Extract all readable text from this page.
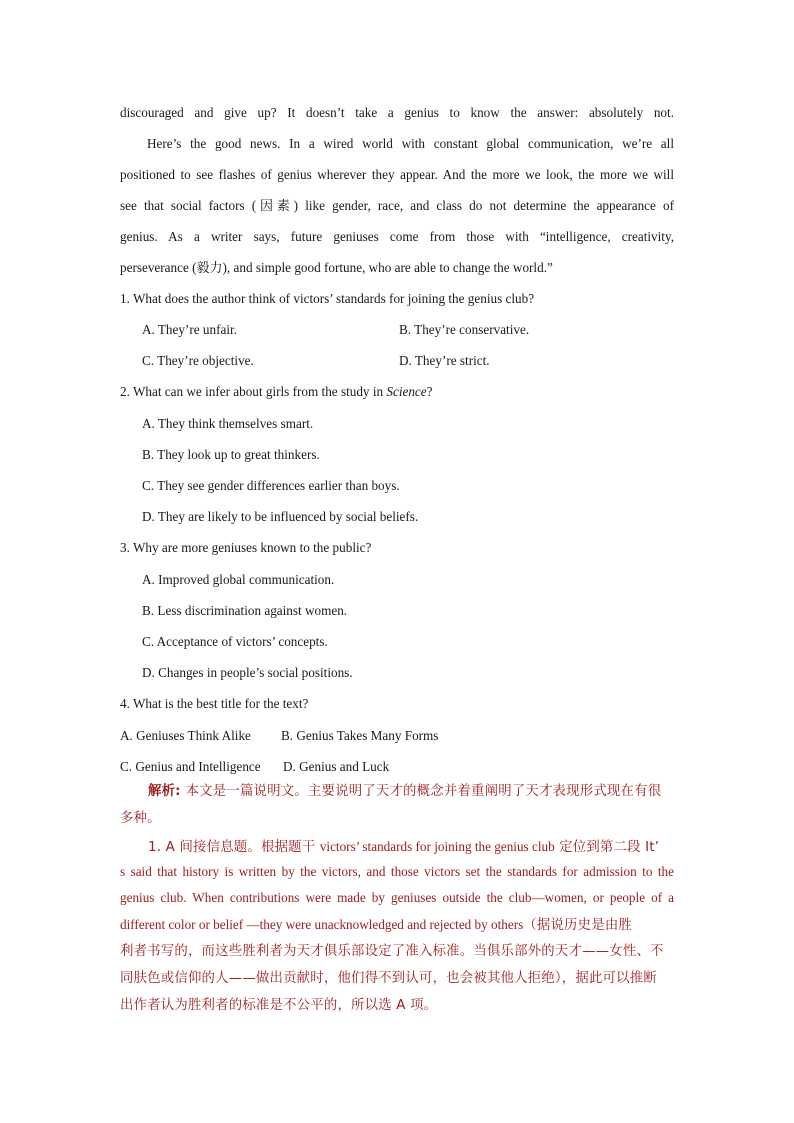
discouraged and give up? It doesn’t take a genius to know the answer: absolutely not.
Here’s the good news. In a wired world with constant global communication, we’re all
positioned to see flashes of genius wherever they appear. And the more we look, the more we will
see that social factors (因素) like gender, race, and class do not determine the appearance of
genius. As a writer says, future geniuses come from those with “intelligence, creativity,
perseverance (毅力), and simple good fortune, who are able to change the world.”
1. What does the author think of victors’ standards for joining the genius club?
A. They’re unfair.	B. They’re conservative.
C. They’re objective.	D. They’re strict.
2. What can we infer about girls from the study in Science?
A. They think themselves smart.
B. They look up to great thinkers.
C. They see gender differences earlier than boys.
D. They are likely to be influenced by social beliefs.
3. Why are more geniuses known to the public?
A. Improved global communication.
B. Less discrimination against women.
C. Acceptance of victors’ concepts.
D. Changes in people’s social positions.
4. What is the best title for the text?
A. Geniuses Think Alike B. Genius Takes Many Forms
C. Genius and Intelligence D. Genius and Luck
解析: 本文是一篇说明文。主要说明了天才的概念并着重阐明了天才表现形式现在有很
多种。
1. A 间接信息题。根据题干 victors’ standards for joining the genius club 定位到第二段 It’
s said that history is written by the victors, and those victors set the standards for admission to the
genius club. When contributions were made by geniuses outside the club—women, or people of a
different color or belief —they were unacknowledged and rejected by others（据说历史是由胜
利者书写的，而这些胜利者为天才俱乐部设定了准入标准。当俱乐部外的天才——女性、不
同肤色或信仰的人——做出贡献时，他们得不到认可，也会被其他人拒绝），据此可以推断
出作者认为胜利者的标准是不公平的，所以选 A 项。
